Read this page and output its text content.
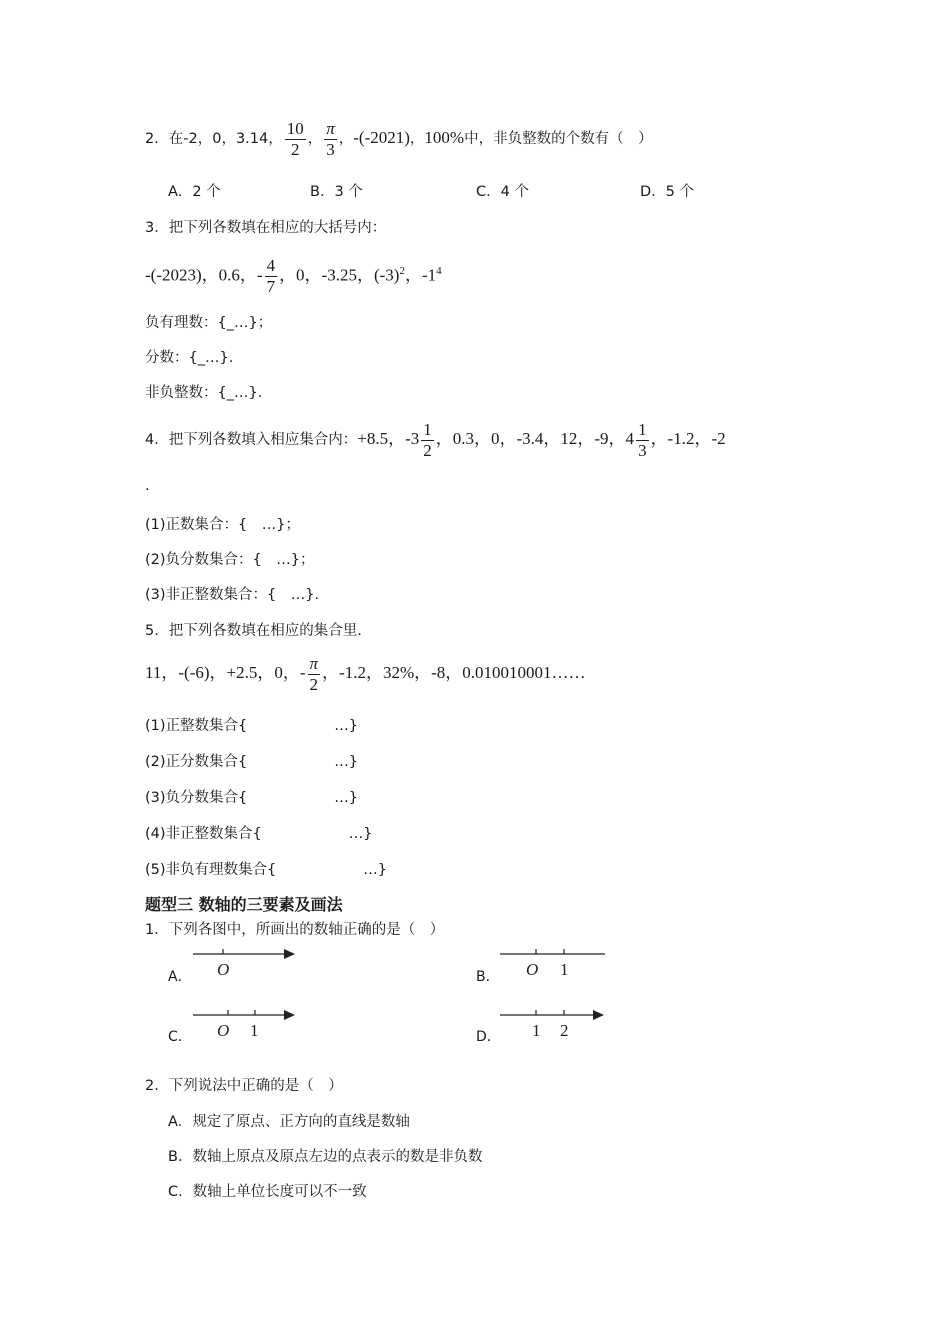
2．在-2，0，3.14， $\frac{10}{2}$ ， $\frac{\pi}{3}$ ，-(-2021)，100%中，非负整数的个数有（　）
A．2 个	B．3 个	C．4 个	D．5 个
3．把下列各数填在相应的大括号内：
-(-2023)，0.6，- $\frac{4}{7}$ ，0，-3.25，$(-3)^2$，$-1^4$
负有理数：{_…}；
分数：{_…}.
非负整数：{_…}.
4．把下列各数填入相应集合内：+8.5，$-3 \frac{1}{2}$ ，0.3，0，-3.4，12，-9，$4 \frac{1}{3}$ ，-1.2，-2
.
(1)正数集合：{　…}；
(2)负分数集合：{　…}；
(3)非正整数集合：{　…}.
5．把下列各数填在相应的集合里.
11，-(-6)，+2.5，0，- $\frac{\pi}{2}$ ，-1.2，32%，-8，0.010010001……
(1)正整数集合{　　　　　　…}
(2)正分数集合{　　　　　　…}
(3)负分数集合{　　　　　　…}
(4)非正整数集合{　　　　　　…}
(5)非负有理数集合{　　　　　　…}
题型三 数轴的三要素及画法
1．下列各图中，所画出的数轴正确的是（　）
A． O	B． O 1
C． O 1	D． 1 2
2．下列说法中正确的是（　）
A．规定了原点、正方向的直线是数轴
B．数轴上原点及原点左边的点表示的数是非负数
C．数轴上单位长度可以不一致
